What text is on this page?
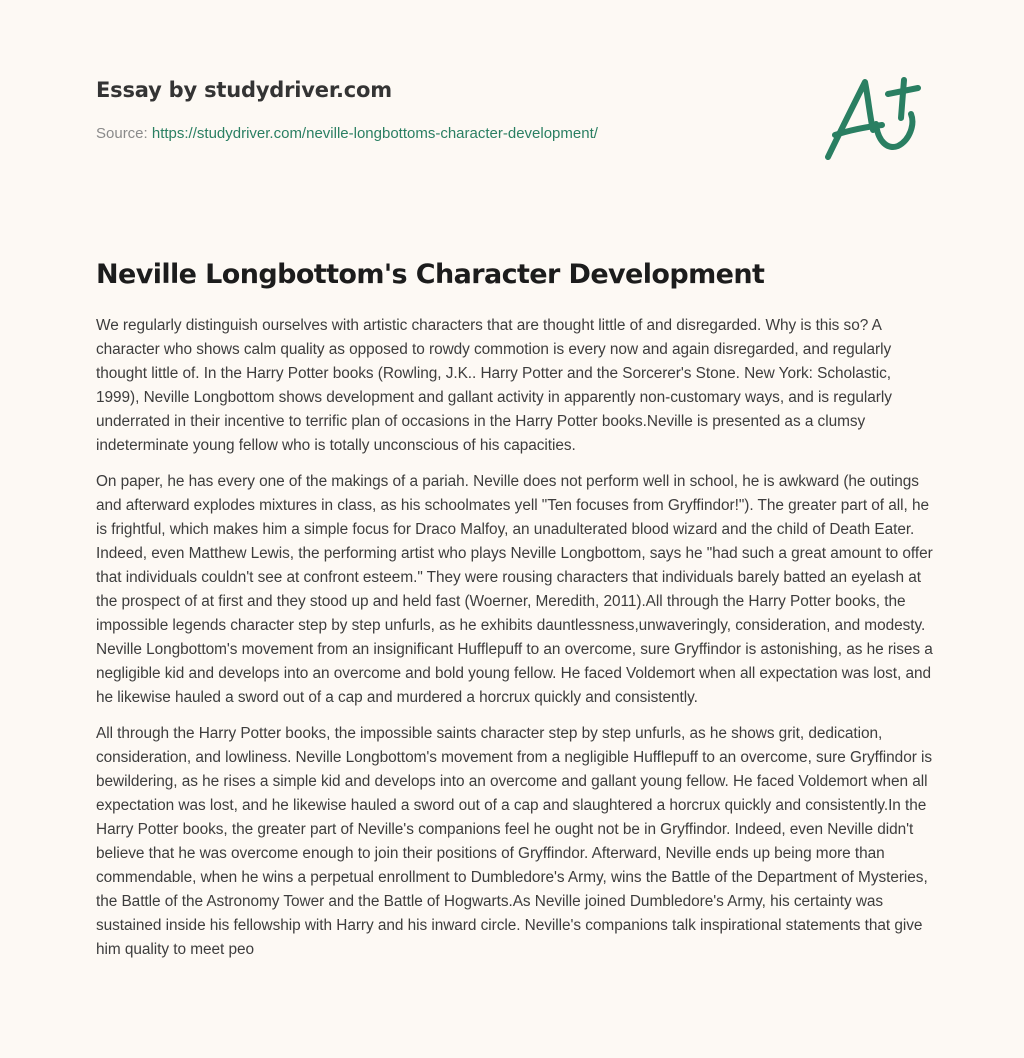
Essay by studydriver.com
Source: https://studydriver.com/neville-longbottoms-character-development/
Neville Longbottom's Character Development

We regularly distinguish ourselves with artistic characters that are thought little of and disregarded. Why is this so? A character who shows calm quality as opposed to rowdy commotion is every now and again disregarded, and regularly thought little of. In the Harry Potter books (Rowling, J.K.. Harry Potter and the Sorcerer's Stone. New York: Scholastic, 1999), Neville Longbottom shows development and gallant activity in apparently non-customary ways, and is regularly underrated in their incentive to terrific plan of occasions in the Harry Potter books.Neville is presented as a clumsy indeterminate young fellow who is totally unconscious of his capacities.

On paper, he has every one of the makings of a pariah. Neville does not perform well in school, he is awkward (he outings and afterward explodes mixtures in class, as his schoolmates yell "Ten focuses from Gryffindor!"). The greater part of all, he is frightful, which makes him a simple focus for Draco Malfoy, an unadulterated blood wizard and the child of Death Eater. Indeed, even Matthew Lewis, the performing artist who plays Neville Longbottom, says he "had such a great amount to offer that individuals couldn't see at confront esteem." They were rousing characters that individuals barely batted an eyelash at the prospect of at first and they stood up and held fast (Woerner, Meredith, 2011).All through the Harry Potter books, the impossible legends character step by step unfurls, as he exhibits dauntlessness,unwaveringly, consideration, and modesty. Neville Longbottom's movement from an insignificant Hufflepuff to an overcome, sure Gryffindor is astonishing, as he rises a negligible kid and develops into an overcome and bold young fellow. He faced Voldemort when all expectation was lost, and he likewise hauled a sword out of a cap and murdered a horcrux quickly and consistently.

All through the Harry Potter books, the impossible saints character step by step unfurls, as he shows grit, dedication, consideration, and lowliness. Neville Longbottom's movement from a negligible Hufflepuff to an overcome, sure Gryffindor is bewildering, as he rises a simple kid and develops into an overcome and gallant young fellow. He faced Voldemort when all expectation was lost, and he likewise hauled a sword out of a cap and slaughtered a horcrux quickly and consistently.In the Harry Potter books, the greater part of Neville's companions feel he ought not be in Gryffindor. Indeed, even Neville didn't believe that he was overcome enough to join their positions of Gryffindor. Afterward, Neville ends up being more than commendable, when he wins a perpetual enrollment to Dumbledore's Army, wins the Battle of the Department of Mysteries, the Battle of the Astronomy Tower and the Battle of Hogwarts.As Neville joined Dumbledore's Army, his certainty was sustained inside his fellowship with Harry and his inward circle. Neville's companions talk inspirational statements that give him quality to meet peo
